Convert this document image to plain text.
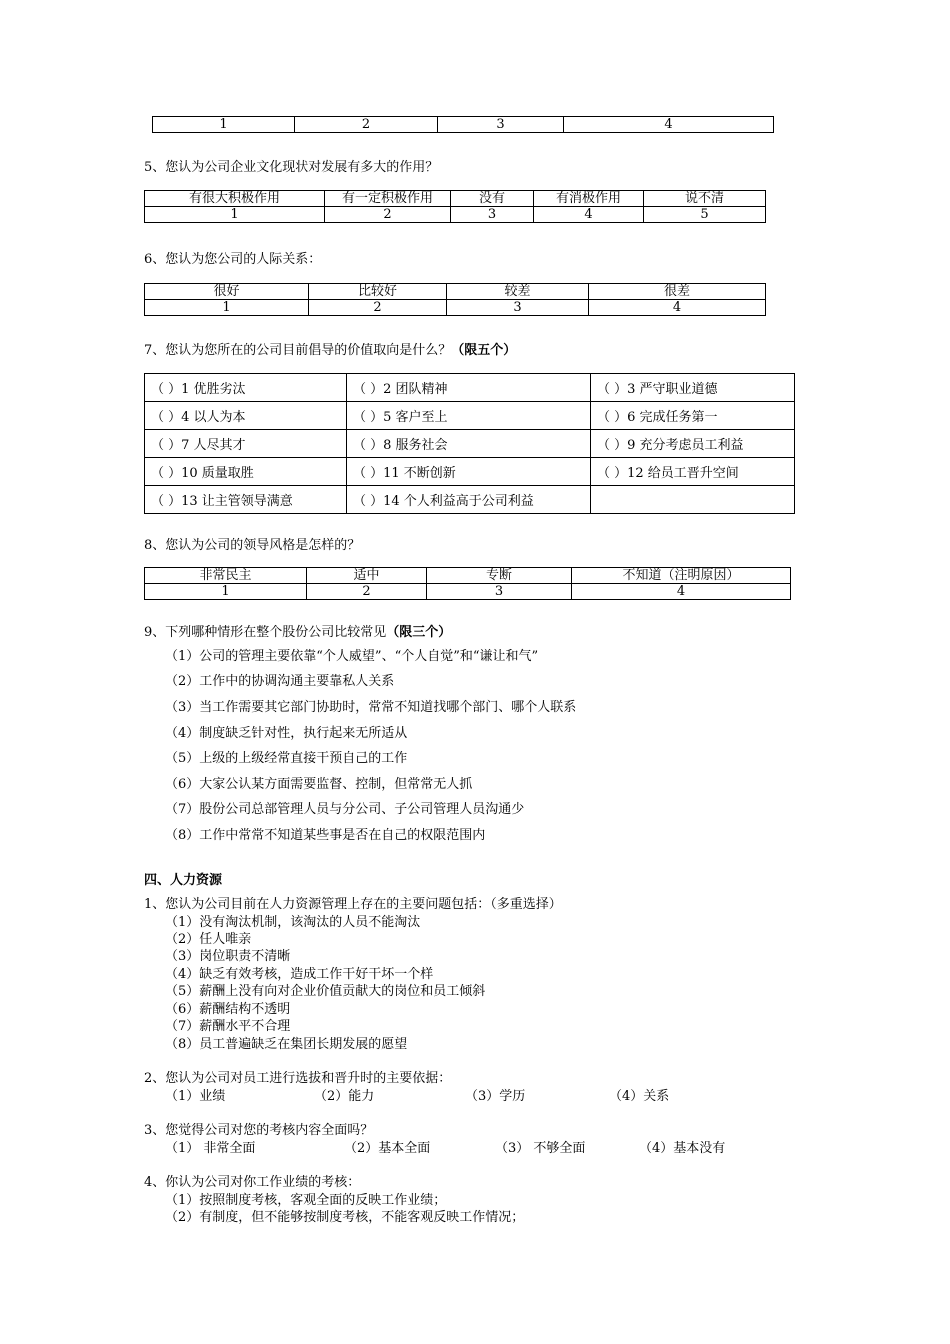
1	2	3	4
5、您认为公司企业文化现状对发展有多大的作用？
有很大积极作用	有一定积极作用	没有	有消极作用	说不清
1	2	3	4	5
6、您认为您公司的人际关系：
很好	比较好	较差	很差
1	2	3	4
7、您认为您所在的公司目前倡导的价值取向是什么？（限五个）
（ ）1 优胜劣汰	（ ）2 团队精神	（ ）3 严守职业道德
（ ）4 以人为本	（ ）5 客户至上	（ ）6 完成任务第一
（ ）7 人尽其才	（ ）8 服务社会	（ ）9 充分考虑员工利益
（ ）10 质量取胜	（ ）11 不断创新	（ ）12 给员工晋升空间
（ ）13 让主管领导满意	（ ）14 个人利益高于公司利益	
8、您认为公司的领导风格是怎样的？
非常民主	适中	专断	不知道（注明原因）
1	2	3	4
9、下列哪种情形在整个股份公司比较常见（限三个）
（1）公司的管理主要依靠“个人威望”、“个人自觉”和“谦让和气”
（2）工作中的协调沟通主要靠私人关系
（3）当工作需要其它部门协助时，常常不知道找哪个部门、哪个人联系
（4）制度缺乏针对性，执行起来无所适从
（5）上级的上级经常直接干预自己的工作
（6）大家公认某方面需要监督、控制，但常常无人抓
（7）股份公司总部管理人员与分公司、子公司管理人员沟通少
（8）工作中常常不知道某些事是否在自己的权限范围内
四、人力资源
1、您认为公司目前在人力资源管理上存在的主要问题包括：（多重选择）
（1）没有淘汰机制，该淘汰的人员不能淘汰
（2）任人唯亲
（3）岗位职责不清晰
（4）缺乏有效考核，造成工作干好干坏一个样
（5）薪酬上没有向对企业价值贡献大的岗位和员工倾斜
（6）薪酬结构不透明
（7）薪酬水平不合理
（8）员工普遍缺乏在集团长期发展的愿望
2、您认为公司对员工进行选拔和晋升时的主要依据：
（1）业绩	（2）能力	（3）学历	（4）关系
3、您觉得公司对您的考核内容全面吗？
（1） 非常全面	（2）基本全面	（3） 不够全面	（4）基本没有
4、你认为公司对你工作业绩的考核：
（1）按照制度考核，客观全面的反映工作业绩；
（2）有制度，但不能够按制度考核，不能客观反映工作情况；
